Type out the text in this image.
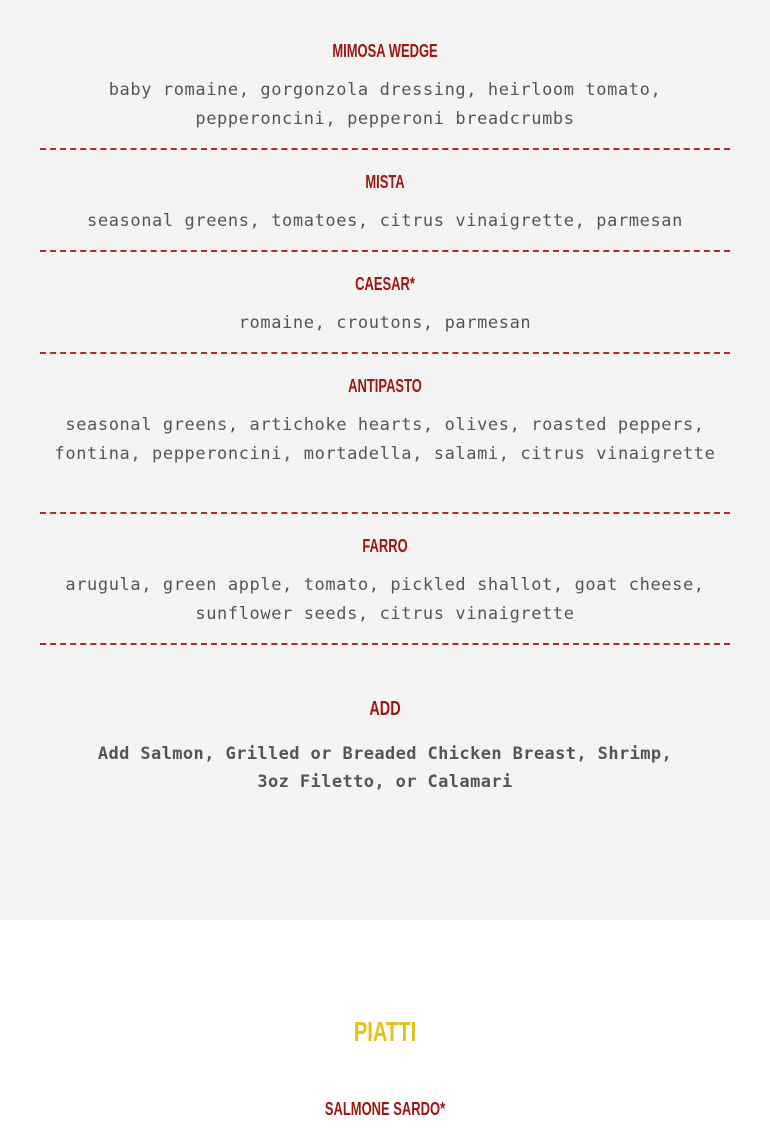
MIMOSA WEDGE
baby romaine, gorgonzola dressing, heirloom tomato, pepperoncini, pepperoni breadcrumbs
MISTA
seasonal greens, tomatoes, citrus vinaigrette, parmesan
CAESAR*
romaine, croutons, parmesan
ANTIPASTO
seasonal greens, artichoke hearts, olives, roasted peppers, fontina, pepperoncini, mortadella, salami, citrus vinaigrette
FARRO
arugula, green apple, tomato, pickled shallot, goat cheese, sunflower seeds, citrus vinaigrette
ADD
Add Salmon, Grilled or Breaded Chicken Breast, Shrimp, 3oz Filetto, or Calamari
PIATTI
SALMONE SARDO*
